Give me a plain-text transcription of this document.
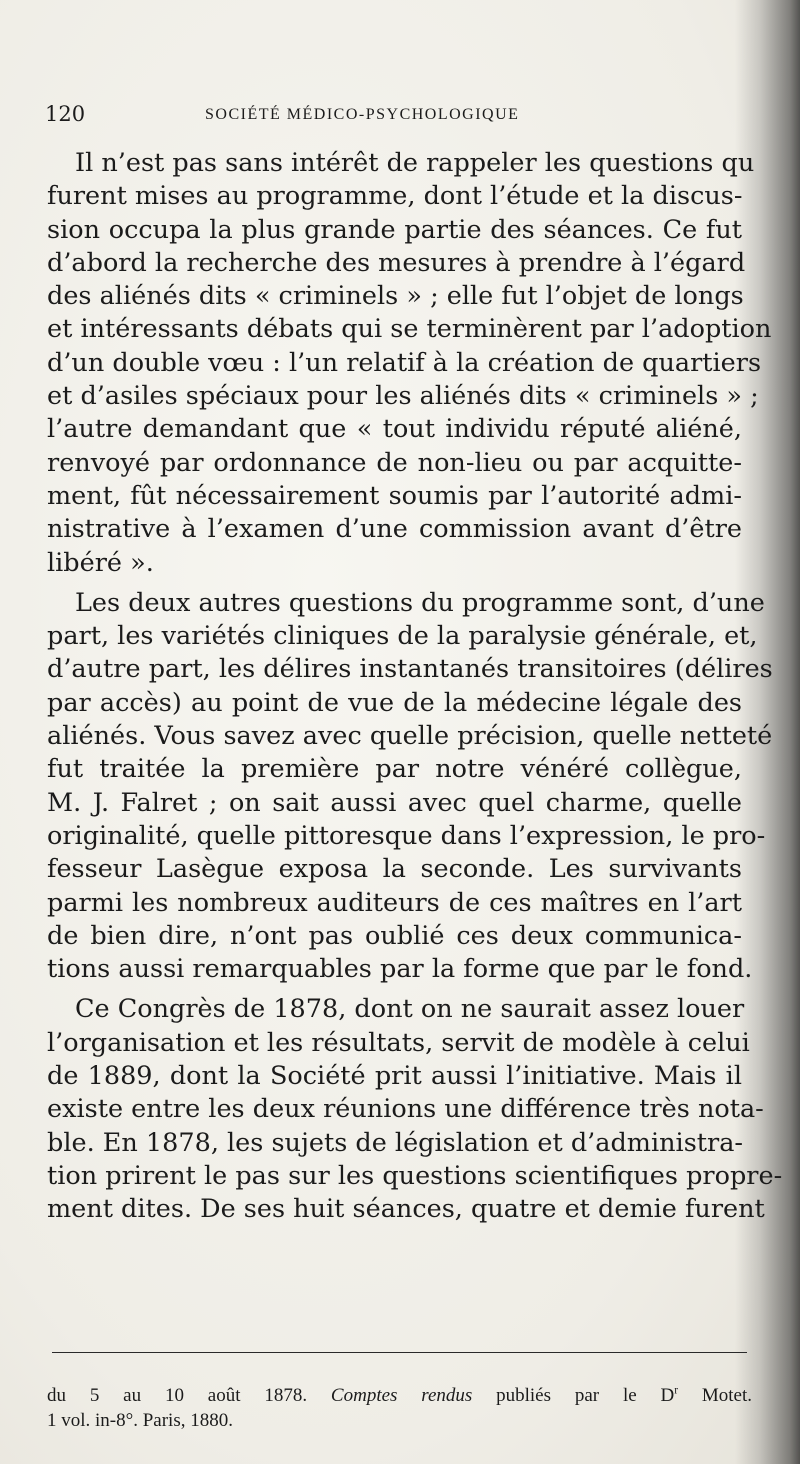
120	SOCIÉTÉ MÉDICO-PSYCHOLOGIQUE
Il n’est pas sans intérêt de rappeler les questions qu
furent mises au programme, dont l’étude et la discus-
sion occupa la plus grande partie des séances. Ce fut
d’abord la recherche des mesures à prendre à l’égard
des aliénés dits « criminels » ; elle fut l’objet de longs
et intéressants débats qui se terminèrent par l’adoption
d’un double vœu : l’un relatif à la création de quartiers
et d’asiles spéciaux pour les aliénés dits « criminels » ;
l’autre demandant que « tout individu réputé aliéné,
renvoyé par ordonnance de non-lieu ou par acquitte-
ment, fût nécessairement soumis par l’autorité admi-
nistrative à l’examen d’une commission avant d’être
libéré ».
Les deux autres questions du programme sont, d’une
part, les variétés cliniques de la paralysie générale, et,
d’autre part, les délires instantanés transitoires (délires
par accès) au point de vue de la médecine légale des
aliénés. Vous savez avec quelle précision, quelle netteté
fut traitée la première par notre vénéré collègue,
M. J. Falret ; on sait aussi avec quel charme, quelle
originalité, quelle pittoresque dans l’expression, le pro-
fesseur Lasègue exposa la seconde. Les survivants
parmi les nombreux auditeurs de ces maîtres en l’art
de bien dire, n’ont pas oublié ces deux communica-
tions aussi remarquables par la forme que par le fond.
Ce Congrès de 1878, dont on ne saurait assez louer
l’organisation et les résultats, servit de modèle à celui
de 1889, dont la Société prit aussi l’initiative. Mais il
existe entre les deux réunions une différence très nota-
ble. En 1878, les sujets de législation et d’administra-
tion prirent le pas sur les questions scientifiques propre-
ment dites. De ses huit séances, quatre et demie furent
du 5 au 10 août 1878. Comptes rendus publiés par le $D^r$ Motet.
1 vol. in-8°. Paris, 1880.
